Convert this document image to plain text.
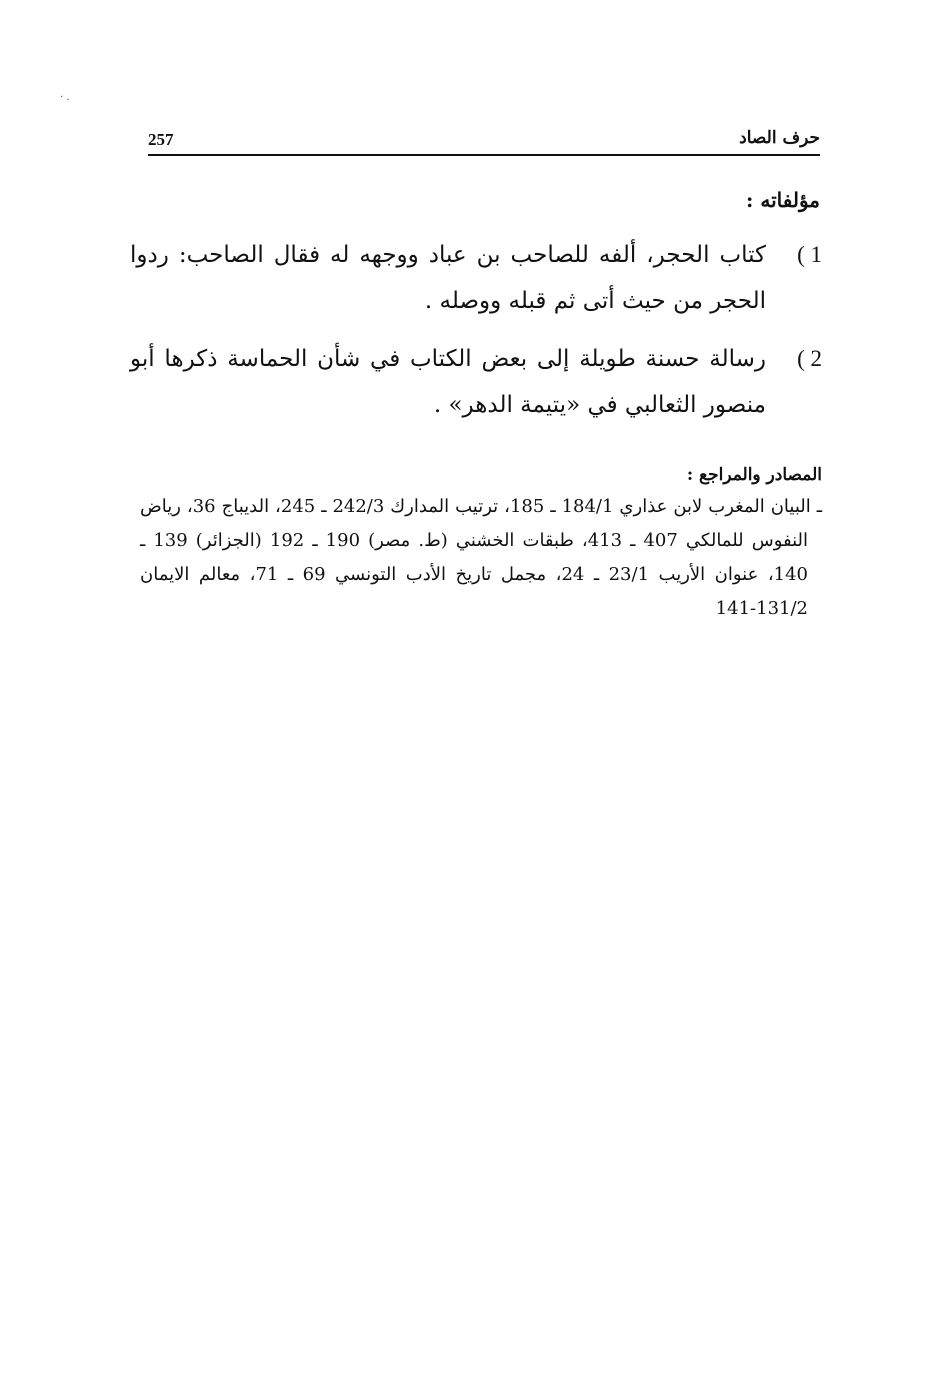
· ․
257	حرف الصاد
مؤلفاته :
1 )
كتاب الحجر، ألفه للصاحب بن عباد ووجهه له فقال الصاحب: ردوا الحجر من حيث أتى ثم قبله ووصله .
2 )
رسالة حسنة طويلة إلى بعض الكتاب في شأن الحماسة ذكرها أبو منصور الثعالبي في «يتيمة الدهر» .
المصادر والمراجع :
ـ البيان المغرب لابن عذاري 184/1 ـ 185، ترتيب المدارك 242/3 ـ 245، الديباج 36، رياض النفوس للمالكي 407 ـ 413، طبقات الخشني (ط. مصر) 190 ـ 192 (الجزائر) 139 ـ 140، عنوان الأريب 23/1 ـ 24، مجمل تاريخ الأدب التونسي 69 ـ 71، معالم الايمان 131/2-141
